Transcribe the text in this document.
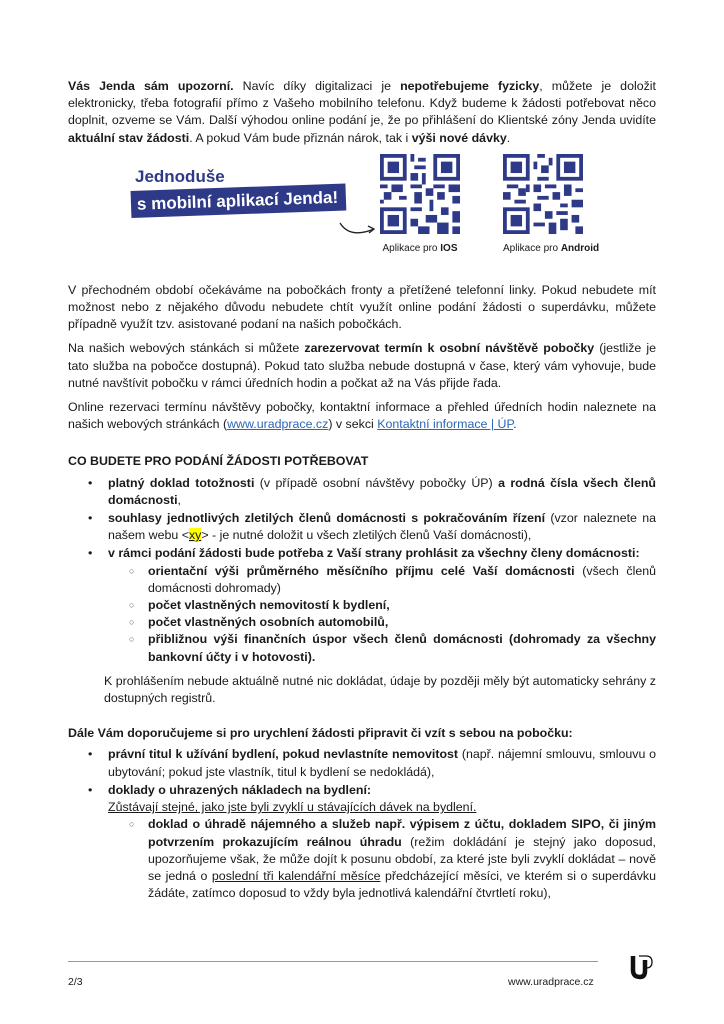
Vás Jenda sám upozorní. Navíc díky digitalizaci je nepotřebujeme fyzicky, můžete je doložit elektronicky, třeba fotografií přímo z Vašeho mobilního telefonu. Když budeme k žádosti potřebovat něco doplnit, ozveme se Vám. Další výhodou online podání je, že po přihlášení do Klientské zóny Jenda uvidíte aktuální stav žádosti. A pokud Vám bude přiznán nárok, tak i výši nové dávky.

Jednoduše
s mobilní aplikací Jenda!
Aplikace pro IOS	Aplikace pro Android

V přechodném období očekáváme na pobočkách fronty a přetížené telefonní linky. Pokud nebudete mít možnost nebo z nějakého důvodu nebudete chtít využít online podání žádosti o superdávku, můžete případně využít tzv. asistované podaní na našich pobočkách.

Na našich webových stánkách si můžete zarezervovat termín k osobní návštěvě pobočky (jestliže je tato služba na pobočce dostupná). Pokud tato služba nebude dostupná v čase, který vám vyhovuje, bude nutné navštívit pobočku v rámci úředních hodin a počkat až na Vás přijde řada.

Online rezervaci termínu návštěvy pobočky, kontaktní informace a přehled úředních hodin naleznete na našich webových stránkách (www.uradprace.cz) v sekci Kontaktní informace | ÚP.

CO BUDETE PRO PODÁNÍ ŽÁDOSTI POTŘEBOVAT
• platný doklad totožnosti (v případě osobní návštěvy pobočky ÚP) a rodná čísla všech členů domácnosti,
• souhlasy jednotlivých zletilých členů domácnosti s pokračováním řízení (vzor naleznete na našem webu <xy> - je nutné doložit u všech zletilých členů Vaší domácnosti),
• v rámci podání žádosti bude potřeba z Vaší strany prohlásit za všechny členy domácnosti:
○ orientační výši průměrného měsíčního příjmu celé Vaší domácnosti (všech členů domácnosti dohromady)
○ počet vlastněných nemovitostí k bydlení,
○ počet vlastněných osobních automobilů,
○ přibližnou výši finančních úspor všech členů domácnosti (dohromady za všechny bankovní účty i v hotovosti).

K prohlášením nebude aktuálně nutné nic dokládat, údaje by později měly být automaticky sehrány z dostupných registrů.

Dále Vám doporučujeme si pro urychlení žádosti připravit či vzít s sebou na pobočku:
• právní titul k užívání bydlení, pokud nevlastníte nemovitost (např. nájemní smlouvu, smlouvu o ubytování; pokud jste vlastník, titul k bydlení se nedokládá),
• doklady o uhrazených nákladech na bydlení:
Zůstávají stejné, jako jste byli zvyklí u stávajících dávek na bydlení.
○ doklad o úhradě nájemného a služeb např. výpisem z účtu, dokladem SIPO, či jiným potvrzením prokazujícím reálnou úhradu (režim dokládání je stejný jako doposud, upozorňujeme však, že může dojít k posunu období, za které jste byli zvyklí dokládat – nově se jedná o poslední tři kalendářní měsíce předcházející měsíci, ve kterém si o superdávku žádáte, zatímco doposud to vždy byla jednotlivá kalendářní čtvrtletí roku),
2/3	www.uradprace.cz
